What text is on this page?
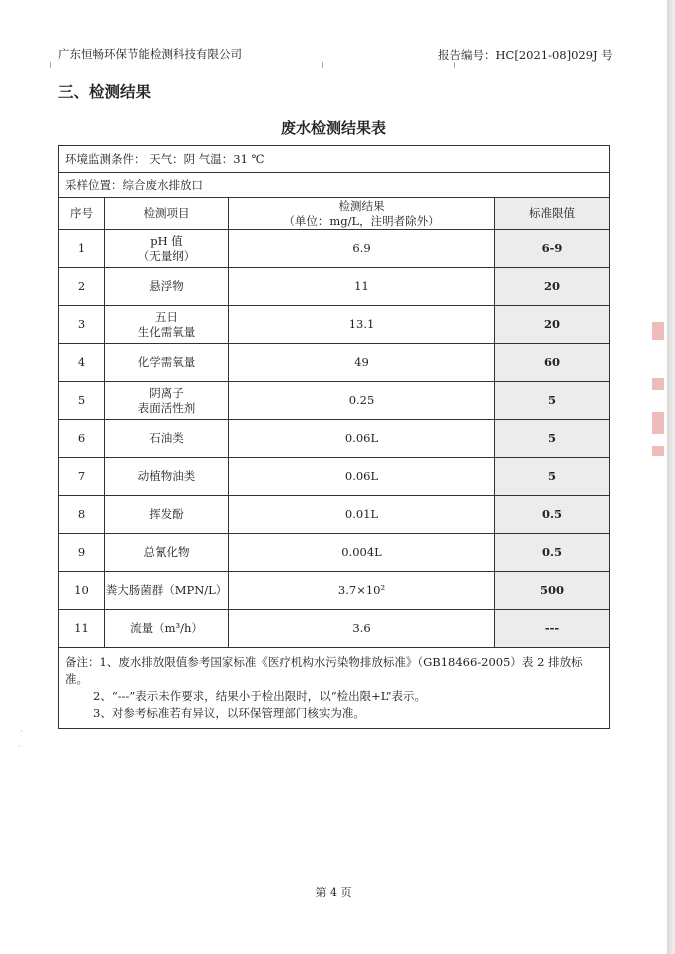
广东恒畅环保节能检测科技有限公司	报告编号：HC[2021-08]029J 号
三、检测结果
废水检测结果表
环境监测条件： 天气：阴 气温：31 ℃			
采样位置：综合废水排放口			
序号	检测项目	检测结果
（单位：mg/L，注明者除外）	标准限值
1	pH 值
（无量纲）	6.9	6-9
2	悬浮物	11	20
3	五日
生化需氧量	13.1	20
4	化学需氧量	49	60
5	阴离子
表面活性剂	0.25	5
6	石油类	0.06L	5
7	动植物油类	0.06L	5
8	挥发酚	0.01L	0.5
9	总氰化物	0.004L	0.5
10	粪大肠菌群（MPN/L）	3.7×10²	500
11	流量（m³/h）	3.6	---

备注：1、废水排放限值参考国家标准《医疗机构水污染物排放标准》（GB18466-2005）表 2 排放标准。
2、“---”表示未作要求，结果小于检出限时，以“检出限+L”表示。
3、对参考标准若有异议，以环保管理部门核实为准。			
第 4 页
·
·
